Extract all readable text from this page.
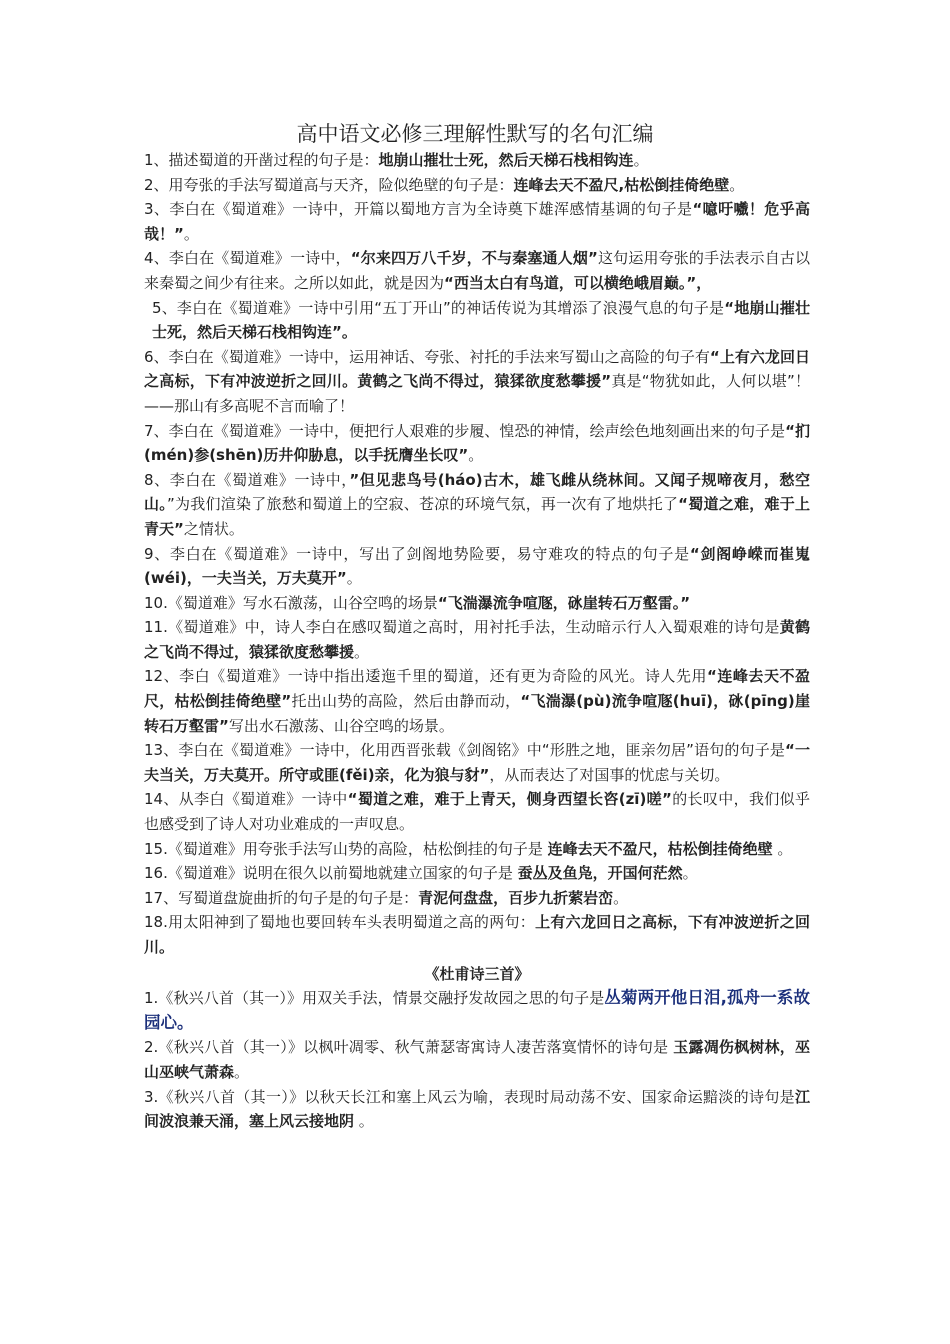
高中语文必修三理解性默写的名句汇编
1、描述蜀道的开凿过程的句子是：地崩山摧壮士死，然后天梯石栈相钩连。
2、用夸张的手法写蜀道高与天齐，险似绝壁的句子是：连峰去天不盈尺,枯松倒挂倚绝壁。
3、李白在《蜀道难》一诗中，开篇以蜀地方言为全诗奠下雄浑感情基调的句子是“噫吁嚱！危乎高哉！”。
4、李白在《蜀道难》一诗中，“尔来四万八千岁，不与秦塞通人烟”这句运用夸张的手法表示自古以来秦蜀之间少有往来。之所以如此，就是因为“西当太白有鸟道，可以横绝峨眉巅。”，
5、李白在《蜀道难》一诗中引用“五丁开山”的神话传说为其增添了浪漫气息的句子是“地崩山摧壮士死，然后天梯石栈相钩连”。
6、李白在《蜀道难》一诗中，运用神话、夸张、衬托的手法来写蜀山之高险的句子有“上有六龙回日之高标，下有冲波逆折之回川。黄鹤之飞尚不得过，猿猱欲度愁攀援”真是“物犹如此，人何以堪”！——那山有多高呢不言而喻了！
7、李白在《蜀道难》一诗中，便把行人艰难的步履、惶恐的神情，绘声绘色地刻画出来的句子是“扪(mén)参(shēn)历井仰胁息，以手抚膺坐长叹”。
8、李白在《蜀道难》一诗中，”但见悲鸟号(háo)古木，雄飞雌从绕林间。又闻子规啼夜月，愁空山。”为我们渲染了旅愁和蜀道上的空寂、苍凉的环境气氛，再一次有了地烘托了“蜀道之难，难于上青天”之情状。
9、李白在《蜀道难》一诗中，写出了剑阁地势险要，易守难攻的特点的句子是“剑阁峥嵘而崔嵬(wéi)，一夫当关，万夫莫开”。
10.《蜀道难》写水石激荡，山谷空鸣的场景“飞湍瀑流争喧豗，砯崖转石万壑雷。”
11.《蜀道难》中，诗人李白在感叹蜀道之高时，用衬托手法，生动暗示行人入蜀艰难的诗句是黄鹤之飞尚不得过，猿猱欲度愁攀援。
12、李白《蜀道难》一诗中指出逶迤千里的蜀道，还有更为奇险的风光。诗人先用“连峰去天不盈尺，枯松倒挂倚绝壁”托出山势的高险，然后由静而动，“飞湍瀑(pù)流争喧豗(huī)，砯(pīng)崖转石万壑雷”写出水石激荡、山谷空鸣的场景。
13、李白在《蜀道难》一诗中，化用西晋张载《剑阁铭》中“形胜之地，匪亲勿居”语句的句子是“一夫当关，万夫莫开。所守或匪(fěi)亲，化为狼与豺”，从而表达了对国事的忧虑与关切。
14、从李白《蜀道难》一诗中“蜀道之难，难于上青天，侧身西望长咨(zī)嗟”的长叹中，我们似乎也感受到了诗人对功业难成的一声叹息。
15.《蜀道难》用夸张手法写山势的高险，枯松倒挂的句子是 连峰去天不盈尺，枯松倒挂倚绝壁 。
16.《蜀道难》说明在很久以前蜀地就建立国家的句子是 蚕丛及鱼凫，开国何茫然。
17、写蜀道盘旋曲折的句子是的句子是：青泥何盘盘，百步九折萦岩峦。
18.用太阳神到了蜀地也要回转车头表明蜀道之高的两句：上有六龙回日之高标，下有冲波逆折之回川。
《杜甫诗三首》
1.《秋兴八首（其一）》用双关手法，情景交融抒发故园之思的句子是丛菊两开他日泪,孤舟一系故园心。
2.《秋兴八首（其一）》以枫叶凋零、秋气萧瑟寄寓诗人凄苦落寞情怀的诗句是 玉露凋伤枫树林，巫山巫峡气萧森。
3.《秋兴八首（其一）》以秋天长江和塞上风云为喻，表现时局动荡不安、国家命运黯淡的诗句是江间波浪兼天涌，塞上风云接地阴 。
